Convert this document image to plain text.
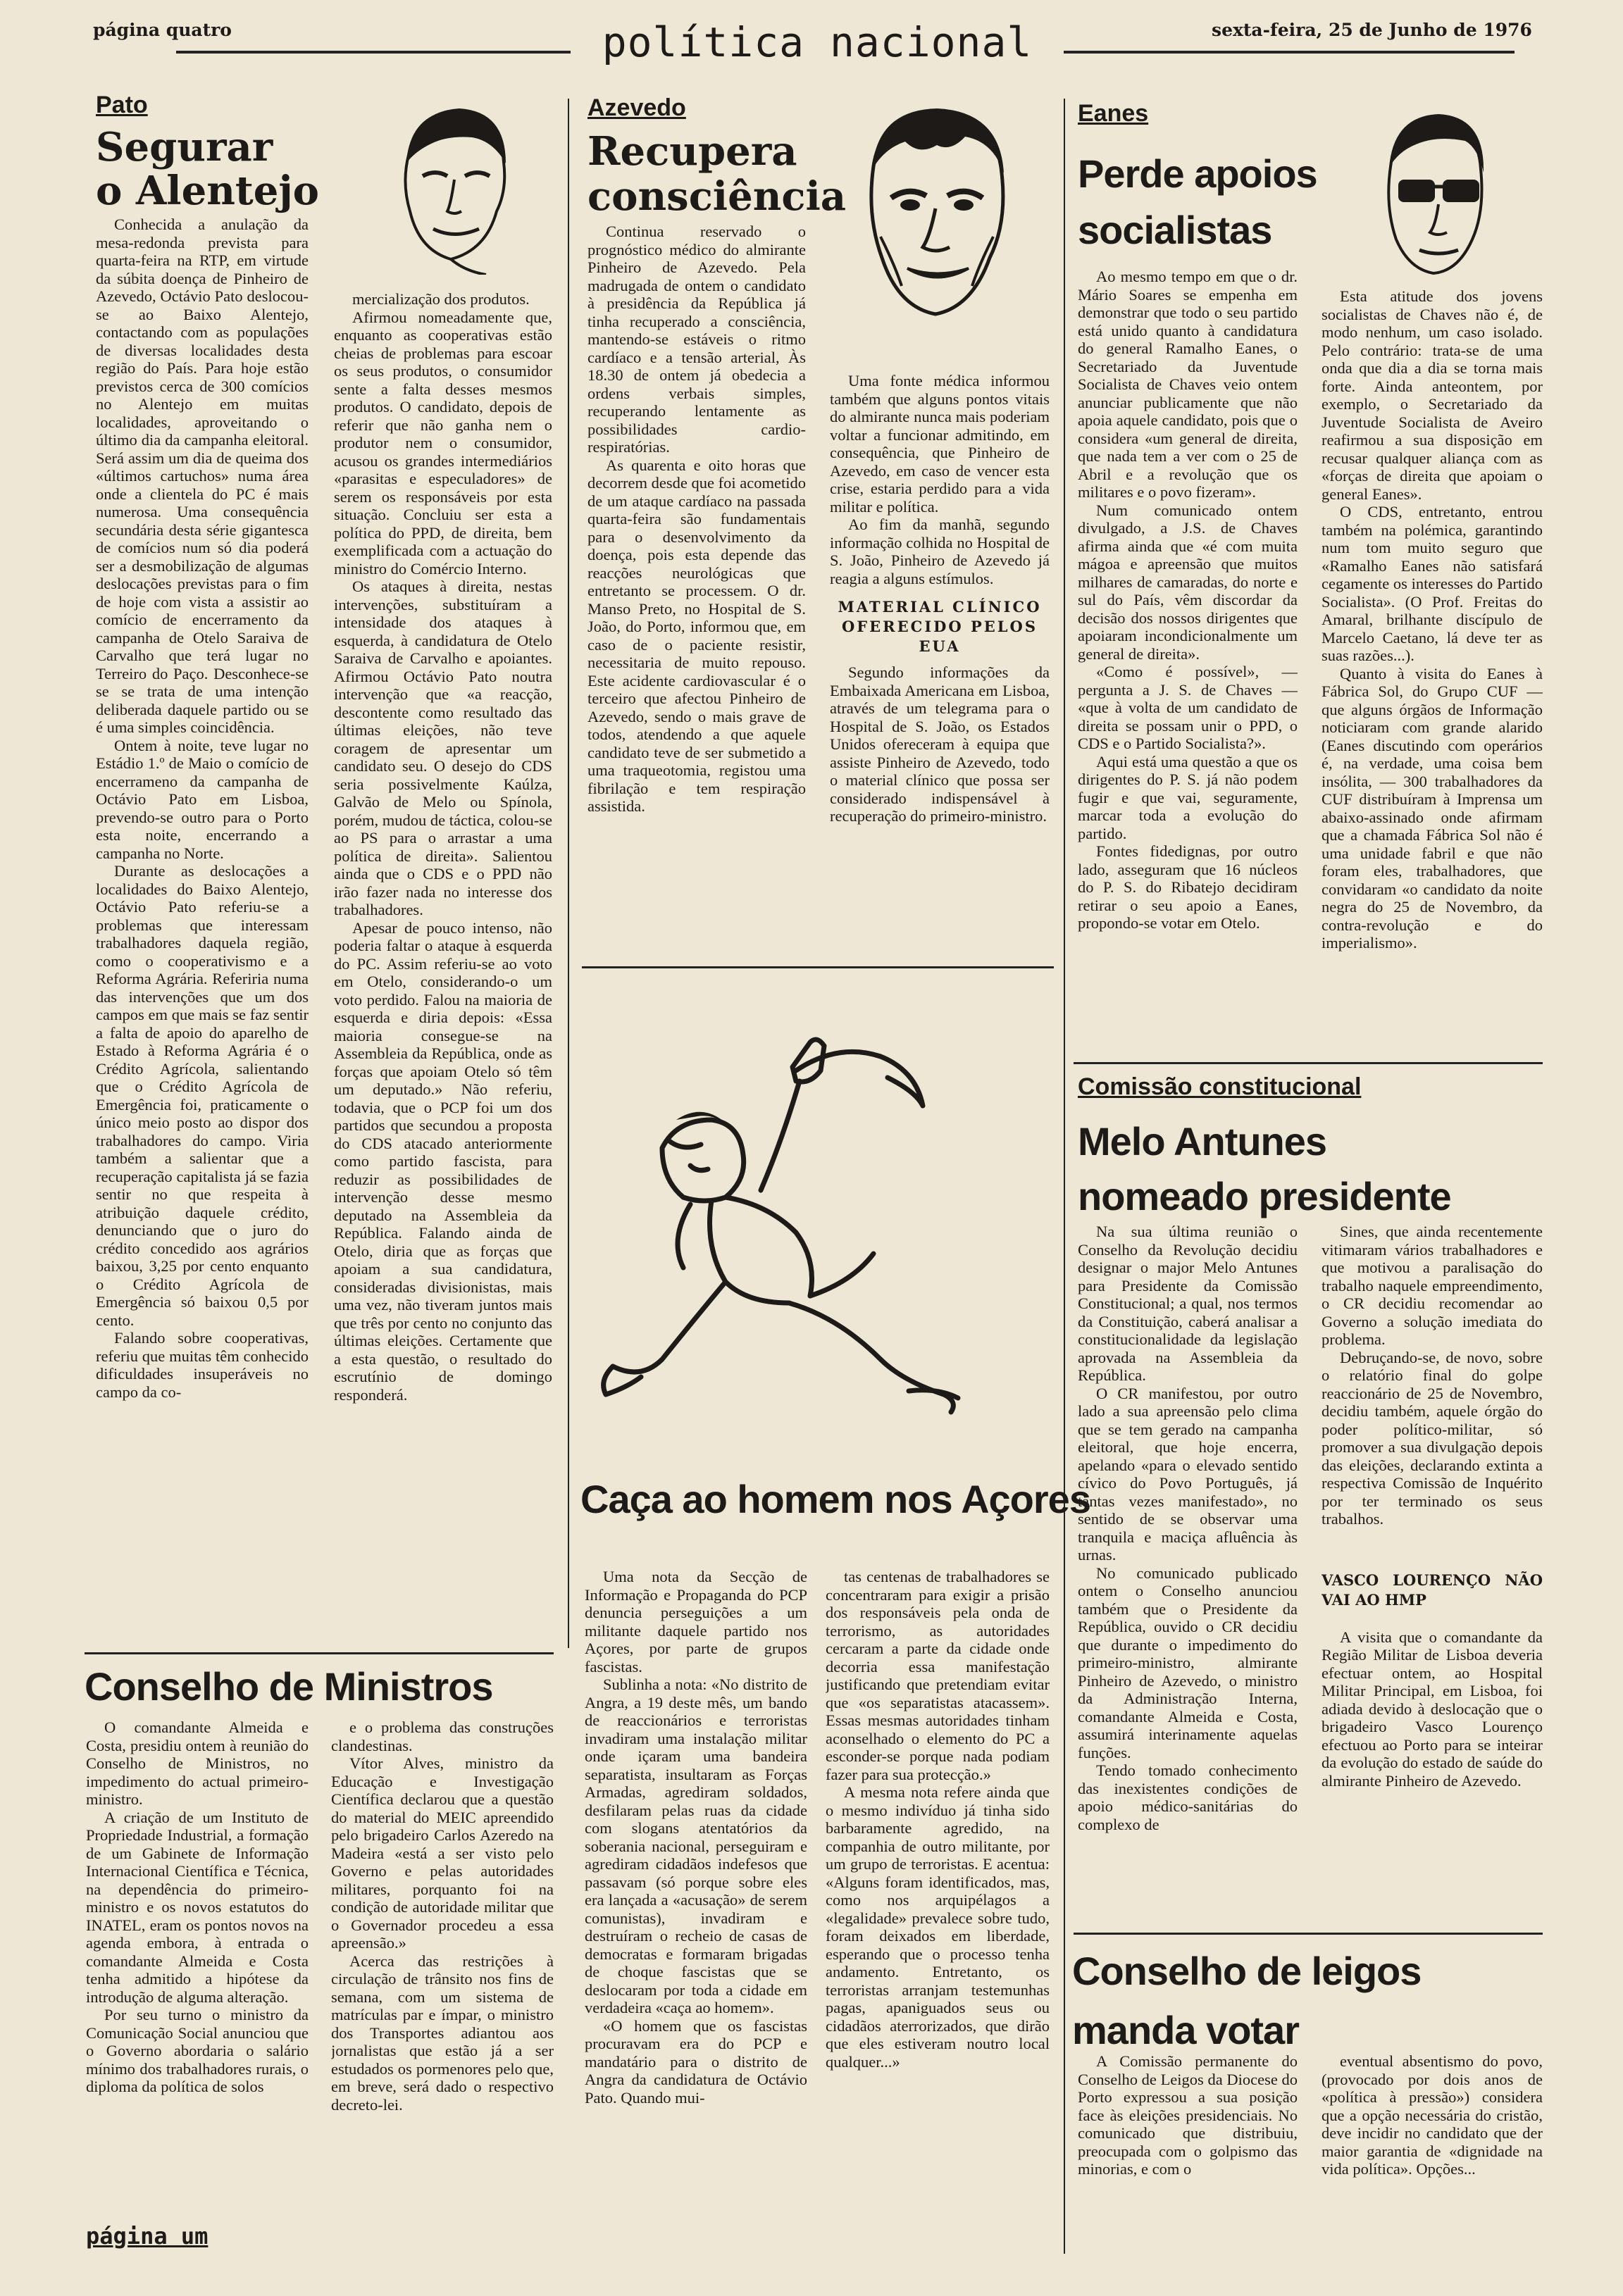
página quatro	política nacional	sexta-feira, 25 de Junho de 1976
Pato
Segurar
o Alentejo

Conhecida a anulação da mesa-redonda prevista para quarta-feira na RTP, em virtude da súbita doença de Pinheiro de Azevedo, Octávio Pato deslocou-se ao Baixo Alentejo, contactando com as populações de diversas localidades desta região do País. Para hoje estão previstos cerca de 300 comícios no Alentejo em muitas localidades, aproveitando o último dia da campanha eleitoral. Será assim um dia de queima dos «últimos cartuchos» numa área onde a clientela do PC é mais numerosa. Uma consequência secundária desta série gigantesca de comícios num só dia poderá ser a desmobilização de algumas deslocações previstas para o fim de hoje com vista a assistir ao comício de encerramento da campanha de Otelo Saraiva de Carvalho que terá lugar no Terreiro do Paço. Desconhece-se se se trata de uma intenção deliberada daquele partido ou se é uma simples coincidência.

Ontem à noite, teve lugar no Estádio 1.º de Maio o comício de encerrameno da campanha de Octávio Pato em Lisboa, prevendo-se outro para o Porto esta noite, encerrando a campanha no Norte.

Durante as deslocações a localidades do Baixo Alentejo, Octávio Pato referiu-se a problemas que interessam trabalhadores daquela região, como o cooperativismo e a Reforma Agrária. Referiria numa das intervenções que um dos campos em que mais se faz sentir a falta de apoio do aparelho de Estado à Reforma Agrária é o Crédito Agrícola, salientando que o Crédito Agrícola de Emergência foi, praticamente o único meio posto ao dispor dos trabalhadores do campo. Viria também a salientar que a recuperação capitalista já se fazia sentir no que respeita à atribuição daquele crédito, denunciando que o juro do crédito concedido aos agrários baixou, 3,25 por cento enquanto o Crédito Agrícola de Emergência só baixou 0,5 por cento.

Falando sobre cooperativas, referiu que muitas têm conhecido dificuldades insuperáveis no campo da co-

mercialização dos produtos.

Afirmou nomeadamente que, enquanto as cooperativas estão cheias de problemas para escoar os seus produtos, o consumidor sente a falta desses mesmos produtos. O candidato, depois de referir que não ganha nem o produtor nem o consumidor, acusou os grandes intermediários «parasitas e especuladores» de serem os responsáveis por esta situação. Concluiu ser esta a política do PPD, de direita, bem exemplificada com a actuação do ministro do Comércio Interno.

Os ataques à direita, nestas intervenções, substituíram a intensidade dos ataques à esquerda, à candidatura de Otelo Saraiva de Carvalho e apoiantes. Afirmou Octávio Pato noutra intervenção que «a reacção, descontente como resultado das últimas eleições, não teve coragem de apresentar um candidato seu. O desejo do CDS seria possivelmente Kaúlza, Galvão de Melo ou Spínola, porém, mudou de táctica, colou-se ao PS para o arrastar a uma política de direita». Salientou ainda que o CDS e o PPD não irão fazer nada no interesse dos trabalhadores.

Apesar de pouco intenso, não poderia faltar o ataque à esquerda do PC. Assim referiu-se ao voto em Otelo, considerando-o um voto perdido. Falou na maioria de esquerda e diria depois: «Essa maioria consegue-se na Assembleia da República, onde as forças que apoiam Otelo só têm um deputado.» Não referiu, todavia, que o PCP foi um dos partidos que secundou a proposta do CDS atacado anteriormente como partido fascista, para reduzir as possibilidades de intervenção desse mesmo deputado na Assembleia da República. Falando ainda de Otelo, diria que as forças que apoiam a sua candidatura, consideradas divisionistas, mais uma vez, não tiveram juntos mais que três por cento no conjunto das últimas eleições. Certamente que a esta questão, o resultado do escrutínio de domingo responderá.

Azevedo
Recupera
consciência

Continua reservado o prognóstico médico do almirante Pinheiro de Azevedo. Pela madrugada de ontem o candidato à presidência da República já tinha recuperado a consciência, mantendo-se estáveis o ritmo cardíaco e a tensão arterial, Às 18.30 de ontem já obedecia a ordens verbais simples, recuperando lentamente as possibilidades cardio-respiratórias.

As quarenta e oito horas que decorrem desde que foi acometido de um ataque cardíaco na passada quarta-feira são fundamentais para o desenvolvimento da doença, pois esta depende das reacções neurológicas que entretanto se processem. O dr. Manso Preto, no Hospital de S. João, do Porto, informou que, em caso de o paciente resistir, necessitaria de muito repouso. Este acidente cardiovascular é o terceiro que afectou Pinheiro de Azevedo, sendo o mais grave de todos, atendendo a que aquele candidato teve de ser submetido a uma traqueotomia, registou uma fibrilação e tem respiração assistida.

Uma fonte médica informou também que alguns pontos vitais do almirante nunca mais poderiam voltar a funcionar admitindo, em consequência, que Pinheiro de Azevedo, em caso de vencer esta crise, estaria perdido para a vida militar e política.

Ao fim da manhã, segundo informação colhida no Hospital de S. João, Pinheiro de Azevedo já reagia a alguns estímulos.

MATERIAL CLÍNICO OFERECIDO PELOS EUA

Segundo informações da Embaixada Americana em Lisboa, através de um telegrama para o Hospital de S. João, os Estados Unidos ofereceram à equipa que assiste Pinheiro de Azevedo, todo o material clínico que possa ser considerado indispensável à recuperação do primeiro-ministro.

Eanes
Perde apoios
socialistas

Ao mesmo tempo em que o dr. Mário Soares se empenha em demonstrar que todo o seu partido está unido quanto à candidatura do general Ramalho Eanes, o Secretariado da Juventude Socialista de Chaves veio ontem anunciar publicamente que não apoia aquele candidato, pois que o considera «um general de direita, que nada tem a ver com o 25 de Abril e a revolução que os militares e o povo fizeram».

Num comunicado ontem divulgado, a J.S. de Chaves afirma ainda que «é com muita mágoa e apreensão que muitos milhares de camaradas, do norte e sul do País, vêm discordar da decisão dos nossos dirigentes que apoiaram incondicionalmente um general de direita».

«Como é possível», — pergunta a J. S. de Chaves — «que à volta de um candidato de direita se possam unir o PPD, o CDS e o Partido Socialista?».

Aqui está uma questão a que os dirigentes do P. S. já não podem fugir e que vai, seguramente, marcar toda a evolução do partido.

Fontes fidedignas, por outro lado, asseguram que 16 núcleos do P. S. do Ribatejo decidiram retirar o seu apoio a Eanes, propondo-se votar em Otelo.

Esta atitude dos jovens socialistas de Chaves não é, de modo nenhum, um caso isolado. Pelo contrário: trata-se de uma onda que dia a dia se torna mais forte. Ainda anteontem, por exemplo, o Secretariado da Juventude Socialista de Aveiro reafirmou a sua disposição em recusar qualquer aliança com as «forças de direita que apoiam o general Eanes».

O CDS, entretanto, entrou também na polémica, garantindo num tom muito seguro que «Ramalho Eanes não satisfará cegamente os interesses do Partido Socialista». (O Prof. Freitas do Amaral, brilhante discípulo de Marcelo Caetano, lá deve ter as suas razões...).

Quanto à visita do Eanes à Fábrica Sol, do Grupo CUF — que alguns órgãos de Informação noticiaram com grande alarido (Eanes discutindo com operários é, na verdade, uma coisa bem insólita, — 300 trabalhadores da CUF distribuíram à Imprensa um abaixo-assinado onde afirmam que a chamada Fábrica Sol não é uma unidade fabril e que não foram eles, trabalhadores, que convidaram «o candidato da noite negra do 25 de Novembro, da contra-revolução e do imperialismo».

Comissão constitucional
Melo Antunes
nomeado presidente

Na sua última reunião o Conselho da Revolução decidiu designar o major Melo Antunes para Presidente da Comissão Constitucional; a qual, nos termos da Constituição, caberá analisar a constitucionalidade da legislação aprovada na Assembleia da República.

O CR manifestou, por outro lado a sua apreensão pelo clima que se tem gerado na campanha eleitoral, que hoje encerra, apelando «para o elevado sentido cívico do Povo Português, já tantas vezes manifestado», no sentido de se observar uma tranquila e maciça afluência às urnas.

No comunicado publicado ontem o Conselho anunciou também que o Presidente da República, ouvido o CR decidiu que durante o impedimento do primeiro-ministro, almirante Pinheiro de Azevedo, o ministro da Administração Interna, comandante Almeida e Costa, assumirá interinamente aquelas funções.

Tendo tomado conhecimento das inexistentes condições de apoio médico-sanitárias do complexo de

Sines, que ainda recentemente vitimaram vários trabalhadores e que motivou a paralisação do trabalho naquele empreendimento, o CR decidiu recomendar ao Governo a solução imediata do problema.

Debruçando-se, de novo, sobre o relatório final do golpe reaccionário de 25 de Novembro, decidiu também, aquele órgão do poder político-militar, só promover a sua divulgação depois das eleições, declarando extinta a respectiva Comissão de Inquérito por ter terminado os seus trabalhos.

VASCO LOURENÇO NÃO VAI AO HMP

A visita que o comandante da Região Militar de Lisboa deveria efectuar ontem, ao Hospital Militar Principal, em Lisboa, foi adiada devido à deslocação que o brigadeiro Vasco Lourenço efectuou ao Porto para se inteirar da evolução do estado de saúde do almirante Pinheiro de Azevedo.

Conselho de leigos
manda votar

A Comissão permanente do Conselho de Leigos da Diocese do Porto expressou a sua posição face às eleições presidenciais. No comunicado que distribuiu, preocupada com o golpismo das minorias, e com o

eventual absentismo do povo, (provocado por dois anos de «política à pressão») considera que a opção necessária do cristão, deve incidir no candidato que der maior garantia de «dignidade na vida política». Opções...

Conselho de Ministros

O comandante Almeida e Costa, presidiu ontem à reunião do Conselho de Ministros, no impedimento do actual primeiro-ministro.

A criação de um Instituto de Propriedade Industrial, a formação de um Gabinete de Informação Internacional Científica e Técnica, na dependência do primeiro-ministro e os novos estatutos do INATEL, eram os pontos novos na agenda embora, à entrada o comandante Almeida e Costa tenha admitido a hipótese da introdução de alguma alteração.

Por seu turno o ministro da Comunicação Social anunciou que o Governo abordaria o salário mínimo dos trabalhadores rurais, o diploma da política de solos

e o problema das construções clandestinas.

Vítor Alves, ministro da Educação e Investigação Científica declarou que a questão do material do MEIC apreendido pelo brigadeiro Carlos Azeredo na Madeira «está a ser visto pelo Governo e pelas autoridades militares, porquanto foi na condição de autoridade militar que o Governador procedeu a essa apreensão.»

Acerca das restrições à circulação de trânsito nos fins de semana, com um sistema de matrículas par e ímpar, o ministro dos Transportes adiantou aos jornalistas que estão já a ser estudados os pormenores pelo que, em breve, será dado o respectivo decreto-lei.

Caça ao homem nos Açores

Uma nota da Secção de Informação e Propaganda do PCP denuncia perseguições a um militante daquele partido nos Açores, por parte de grupos fascistas.

Sublinha a nota: «No distrito de Angra, a 19 deste mês, um bando de reaccionários e terroristas invadiram uma instalação militar onde içaram uma bandeira separatista, insultaram as Forças Armadas, agrediram soldados, desfilaram pelas ruas da cidade com slogans atentatórios da soberania nacional, perseguiram e agrediram cidadãos indefesos que passavam (só porque sobre eles era lançada a «acusação» de serem comunistas), invadiram e destruíram o recheio de casas de democratas e formaram brigadas de choque fascistas que se deslocaram por toda a cidade em verdadeira «caça ao homem».

«O homem que os fascistas procuravam era do PCP e mandatário para o distrito de Angra da candidatura de Octávio Pato. Quando mui-

tas centenas de trabalhadores se concentraram para exigir a prisão dos responsáveis pela onda de terrorismo, as autoridades cercaram a parte da cidade onde decorria essa manifestação justificando que pretendiam evitar que «os separatistas atacassem». Essas mesmas autoridades tinham aconselhado o elemento do PC a esconder-se porque nada podiam fazer para sua protecção.»

A mesma nota refere ainda que o mesmo indivíduo já tinha sido barbaramente agredido, na companhia de outro militante, por um grupo de terroristas. E acentua: «Alguns foram identificados, mas, como nos arquipélagos a «legalidade» prevalece sobre tudo, foram deixados em liberdade, esperando que o processo tenha andamento. Entretanto, os terroristas arranjam testemunhas pagas, apaniguados seus ou cidadãos aterrorizados, que dirão que eles estiveram noutro local qualquer...»

página um
